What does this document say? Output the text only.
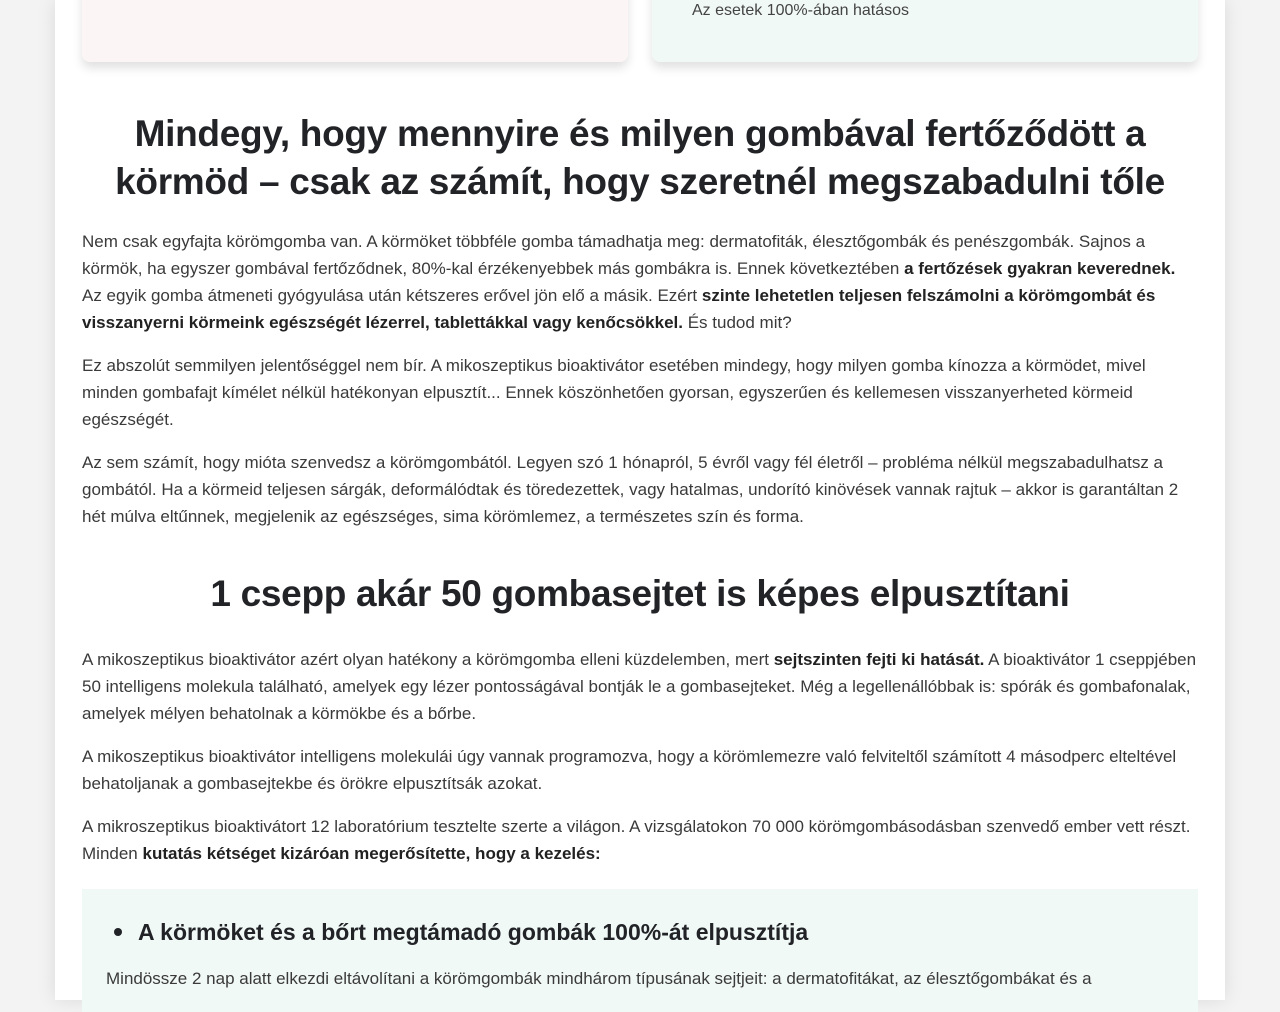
Az esetek 100%-ában hatásos
Mindegy, hogy mennyire és milyen gombával fertőződött a körmöd – csak az számít, hogy szeretnél megszabadulni tőle

Nem csak egyfajta körömgomba van. A körmöket többféle gomba támadhatja meg: dermatofiták, élesztőgombák és penészgombák. Sajnos a körmök, ha egyszer gombával fertőződnek, 80%-kal érzékenyebbek más gombákra is. Ennek következtében a fertőzések gyakran keverednek. Az egyik gomba átmeneti gyógyulása után kétszeres erővel jön elő a másik. Ezért szinte lehetetlen teljesen felszámolni a körömgombát és visszanyerni körmeink egészségét lézerrel, tablettákkal vagy kenőcsökkel. És tudod mit?

Ez abszolút semmilyen jelentőséggel nem bír. A mikoszeptikus bioaktivátor esetében mindegy, hogy milyen gomba kínozza a körmödet, mivel minden gombafajt kímélet nélkül hatékonyan elpusztít... Ennek köszönhetően gyorsan, egyszerűen és kellemesen visszanyerheted körmeid egészségét.

Az sem számít, hogy mióta szenvedsz a körömgombától. Legyen szó 1 hónapról, 5 évről vagy fél életről – probléma nélkül megszabadulhatsz a gombától. Ha a körmeid teljesen sárgák, deformálódtak és töredezettek, vagy hatalmas, undorító kinövések vannak rajtuk – akkor is garantáltan 2 hét múlva eltűnnek, megjelenik az egészséges, sima körömlemez, a természetes szín és forma.

1 csepp akár 50 gombasejtet is képes elpusztítani

A mikoszeptikus bioaktivátor azért olyan hatékony a körömgomba elleni küzdelemben, mert sejtszinten fejti ki hatását. A bioaktivátor 1 cseppjében 50 intelligens molekula található, amelyek egy lézer pontosságával bontják le a gombasejteket. Még a legellenállóbbak is: spórák és gombafonalak, amelyek mélyen behatolnak a körmökbe és a bőrbe.

A mikoszeptikus bioaktivátor intelligens molekulái úgy vannak programozva, hogy a körömlemezre való felviteltől számított 4 másodperc elteltével behatoljanak a gombasejtekbe és örökre elpusztítsák azokat.

A mikroszeptikus bioaktivátort 12 laboratórium tesztelte szerte a világon. A vizsgálatokon 70 000 körömgombásodásban szenvedő ember vett részt. Minden kutatás kétséget kizáróan megerősítette, hogy a kezelés:

A körmöket és a bőrt megtámadó gombák 100%-át elpusztítja

Mindössze 2 nap alatt elkezdi eltávolítani a körömgombák mindhárom típusának sejtjeit: a dermatofitákat, az élesztőgombákat és a
